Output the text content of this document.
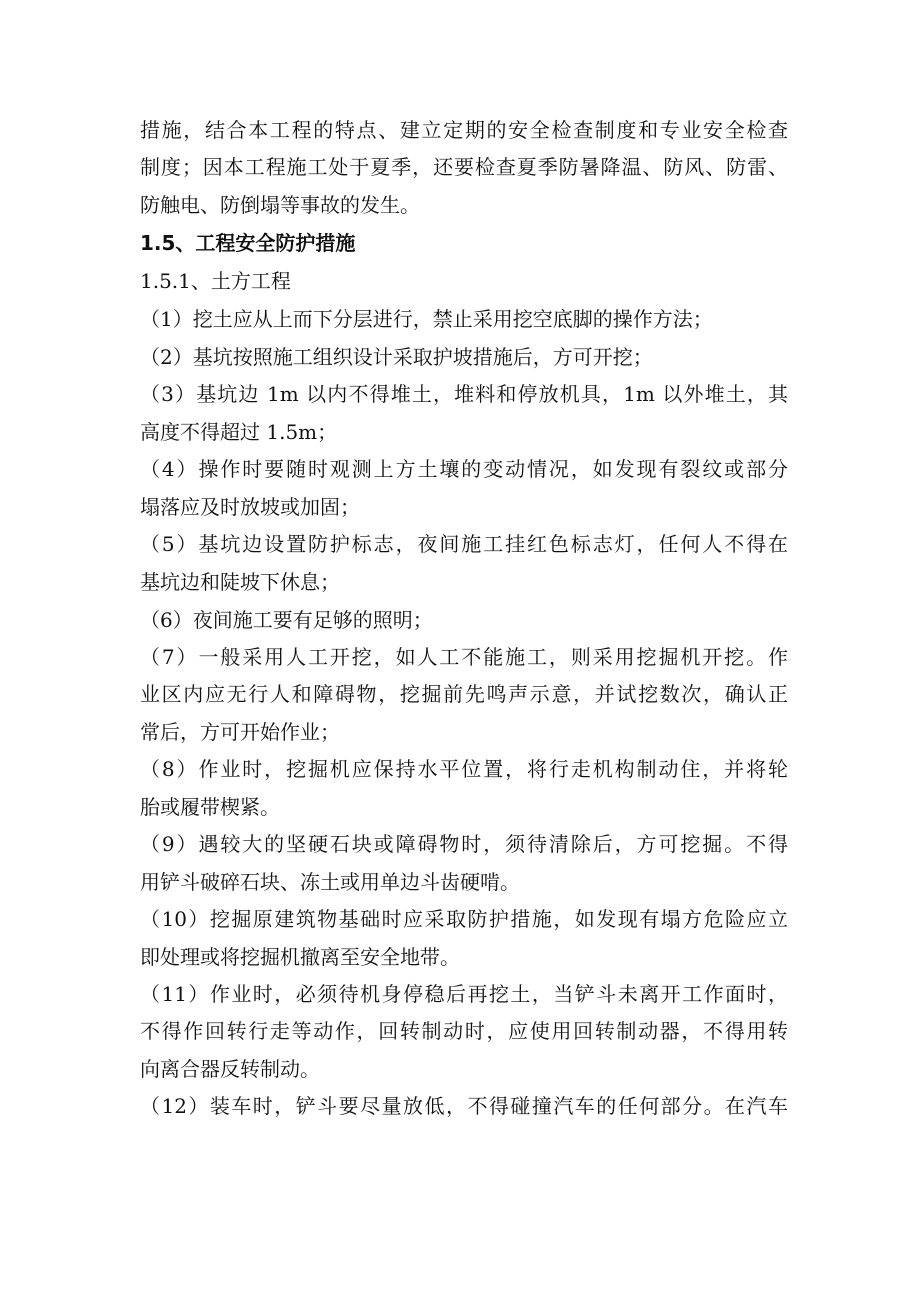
措施，结合本工程的特点、建立定期的安全检查制度和专业安全检查

制度；因本工程施工处于夏季，还要检查夏季防暑降温、防风、防雷、

防触电、防倒塌等事故的发生。

1.5、工程安全防护措施

1.5.1、土方工程

（1）挖土应从上而下分层进行，禁止采用挖空底脚的操作方法；

（2）基坑按照施工组织设计采取护坡措施后，方可开挖；

（3）基坑边 1m 以内不得堆土，堆料和停放机具，1m 以外堆土，其

高度不得超过 1.5m；

（4）操作时要随时观测上方土壤的变动情况，如发现有裂纹或部分

塌落应及时放坡或加固；

（5）基坑边设置防护标志，夜间施工挂红色标志灯，任何人不得在

基坑边和陡坡下休息；

（6）夜间施工要有足够的照明；

（7）一般采用人工开挖，如人工不能施工，则采用挖掘机开挖。作

业区内应无行人和障碍物，挖掘前先鸣声示意，并试挖数次，确认正

常后，方可开始作业；

（8）作业时，挖掘机应保持水平位置，将行走机构制动住，并将轮

胎或履带楔紧。

（9）遇较大的坚硬石块或障碍物时，须待清除后，方可挖掘。不得

用铲斗破碎石块、冻土或用单边斗齿硬啃。

（10）挖掘原建筑物基础时应采取防护措施，如发现有塌方危险应立

即处理或将挖掘机撤离至安全地带。

（11）作业时，必须待机身停稳后再挖土，当铲斗未离开工作面时，

不得作回转行走等动作，回转制动时，应使用回转制动器，不得用转

向离合器反转制动。

（12）装车时，铲斗要尽量放低，不得碰撞汽车的任何部分。在汽车
